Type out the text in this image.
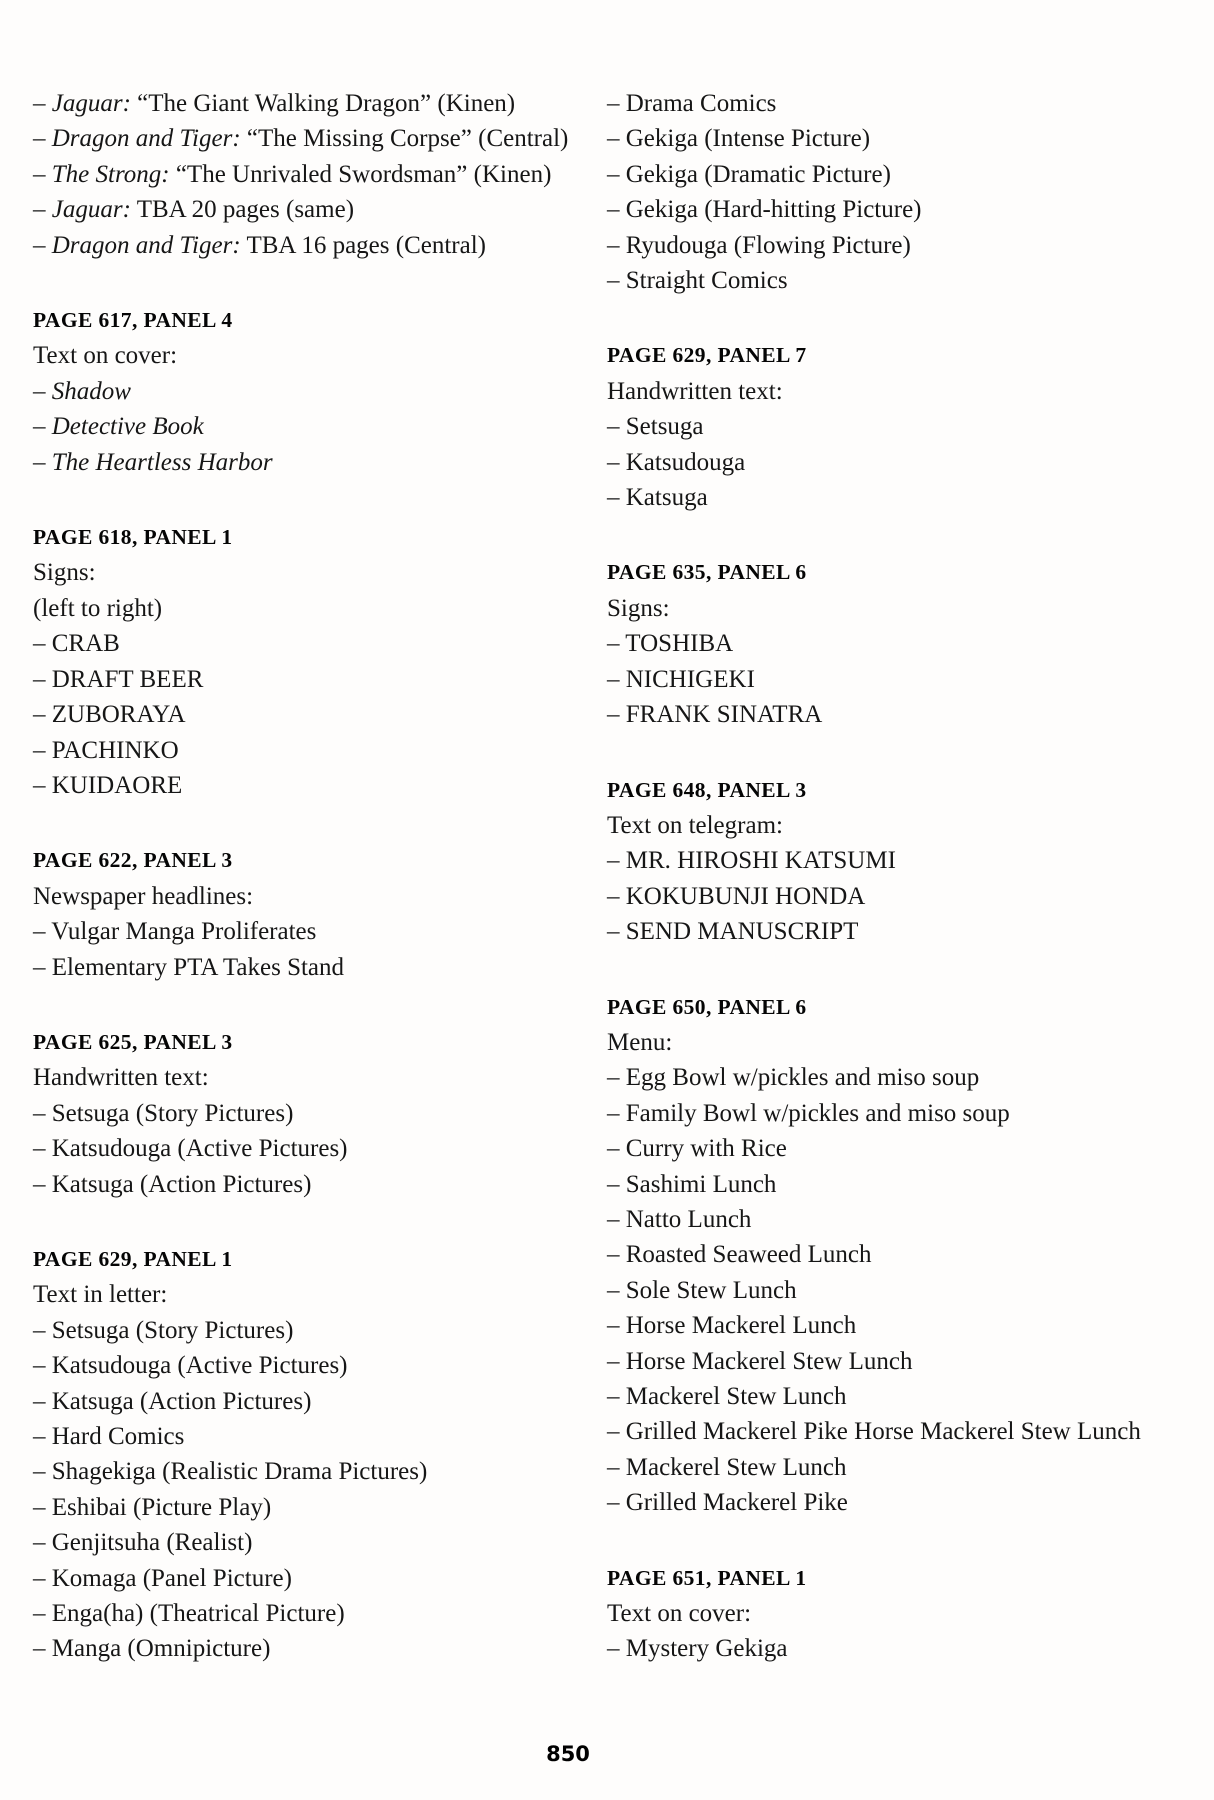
– Jaguar: “The Giant Walking Dragon” (Kinen)
– Dragon and Tiger: “The Missing Corpse” (Central)
– The Strong: “The Unrivaled Swordsman” (Kinen)
– Jaguar: TBA 20 pages (same)
– Dragon and Tiger: TBA 16 pages (Central)
PAGE 617, PANEL 4
Text on cover:
– Shadow
– Detective Book
– The Heartless Harbor
PAGE 618, PANEL 1
Signs:
(left to right)
– CRAB
– DRAFT BEER
– ZUBORAYA
– PACHINKO
– KUIDAORE
PAGE 622, PANEL 3
Newspaper headlines:
– Vulgar Manga Proliferates
– Elementary PTA Takes Stand
PAGE 625, PANEL 3
Handwritten text:
– Setsuga (Story Pictures)
– Katsudouga (Active Pictures)
– Katsuga (Action Pictures)
PAGE 629, PANEL 1
Text in letter:
– Setsuga (Story Pictures)
– Katsudouga (Active Pictures)
– Katsuga (Action Pictures)
– Hard Comics
– Shagekiga (Realistic Drama Pictures)
– Eshibai (Picture Play)
– Genjitsuha (Realist)
– Komaga (Panel Picture)
– Enga(ha) (Theatrical Picture)
– Manga (Omnipicture)
– Drama Comics
– Gekiga (Intense Picture)
– Gekiga (Dramatic Picture)
– Gekiga (Hard-hitting Picture)
– Ryudouga (Flowing Picture)
– Straight Comics
PAGE 629, PANEL 7
Handwritten text:
– Setsuga
– Katsudouga
– Katsuga
PAGE 635, PANEL 6
Signs:
– TOSHIBA
– NICHIGEKI
– FRANK SINATRA
PAGE 648, PANEL 3
Text on telegram:
– MR. HIROSHI KATSUMI
– KOKUBUNJI HONDA
– SEND MANUSCRIPT
PAGE 650, PANEL 6
Menu:
– Egg Bowl w/pickles and miso soup
– Family Bowl w/pickles and miso soup
– Curry with Rice
– Sashimi Lunch
– Natto Lunch
– Roasted Seaweed Lunch
– Sole Stew Lunch
– Horse Mackerel Lunch
– Horse Mackerel Stew Lunch
– Mackerel Stew Lunch
– Grilled Mackerel Pike Horse Mackerel Stew Lunch
– Mackerel Stew Lunch
– Grilled Mackerel Pike
PAGE 651, PANEL 1
Text on cover:
– Mystery Gekiga
850
